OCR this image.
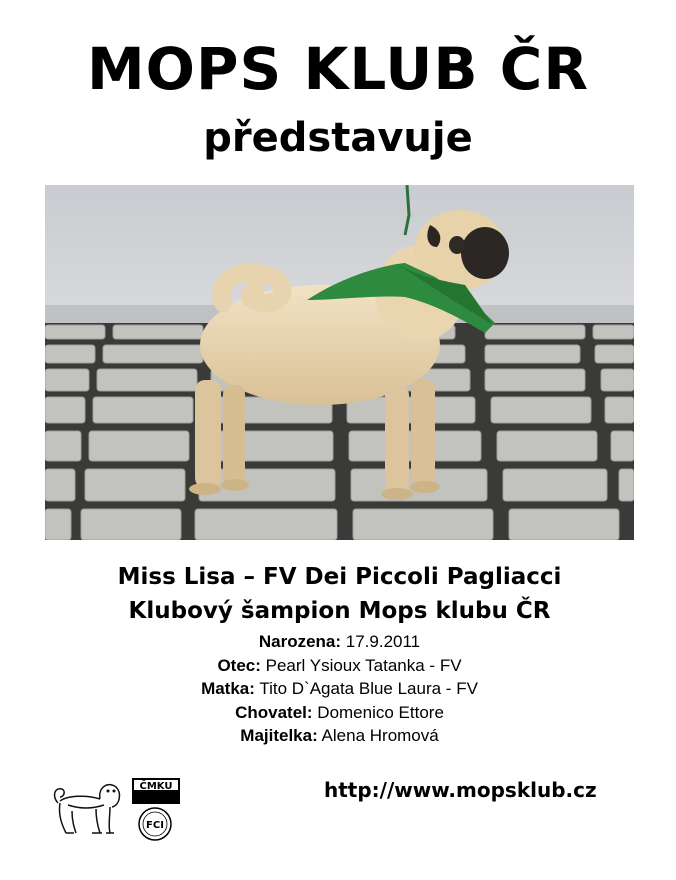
MOPS KLUB ČR
představuje
Miss Lisa – FV Dei Piccoli Pagliacci
Klubový šampion Mops klubu ČR
Narozena: 17.9.2011
Otec: Pearl Ysioux Tatanka - FV
Matka: Tito D`Agata Blue Laura - FV
Chovatel: Domenico Ettore
Majitelka: Alena Hromová
ČMKU
FCI
http://www.mopsklub.cz
